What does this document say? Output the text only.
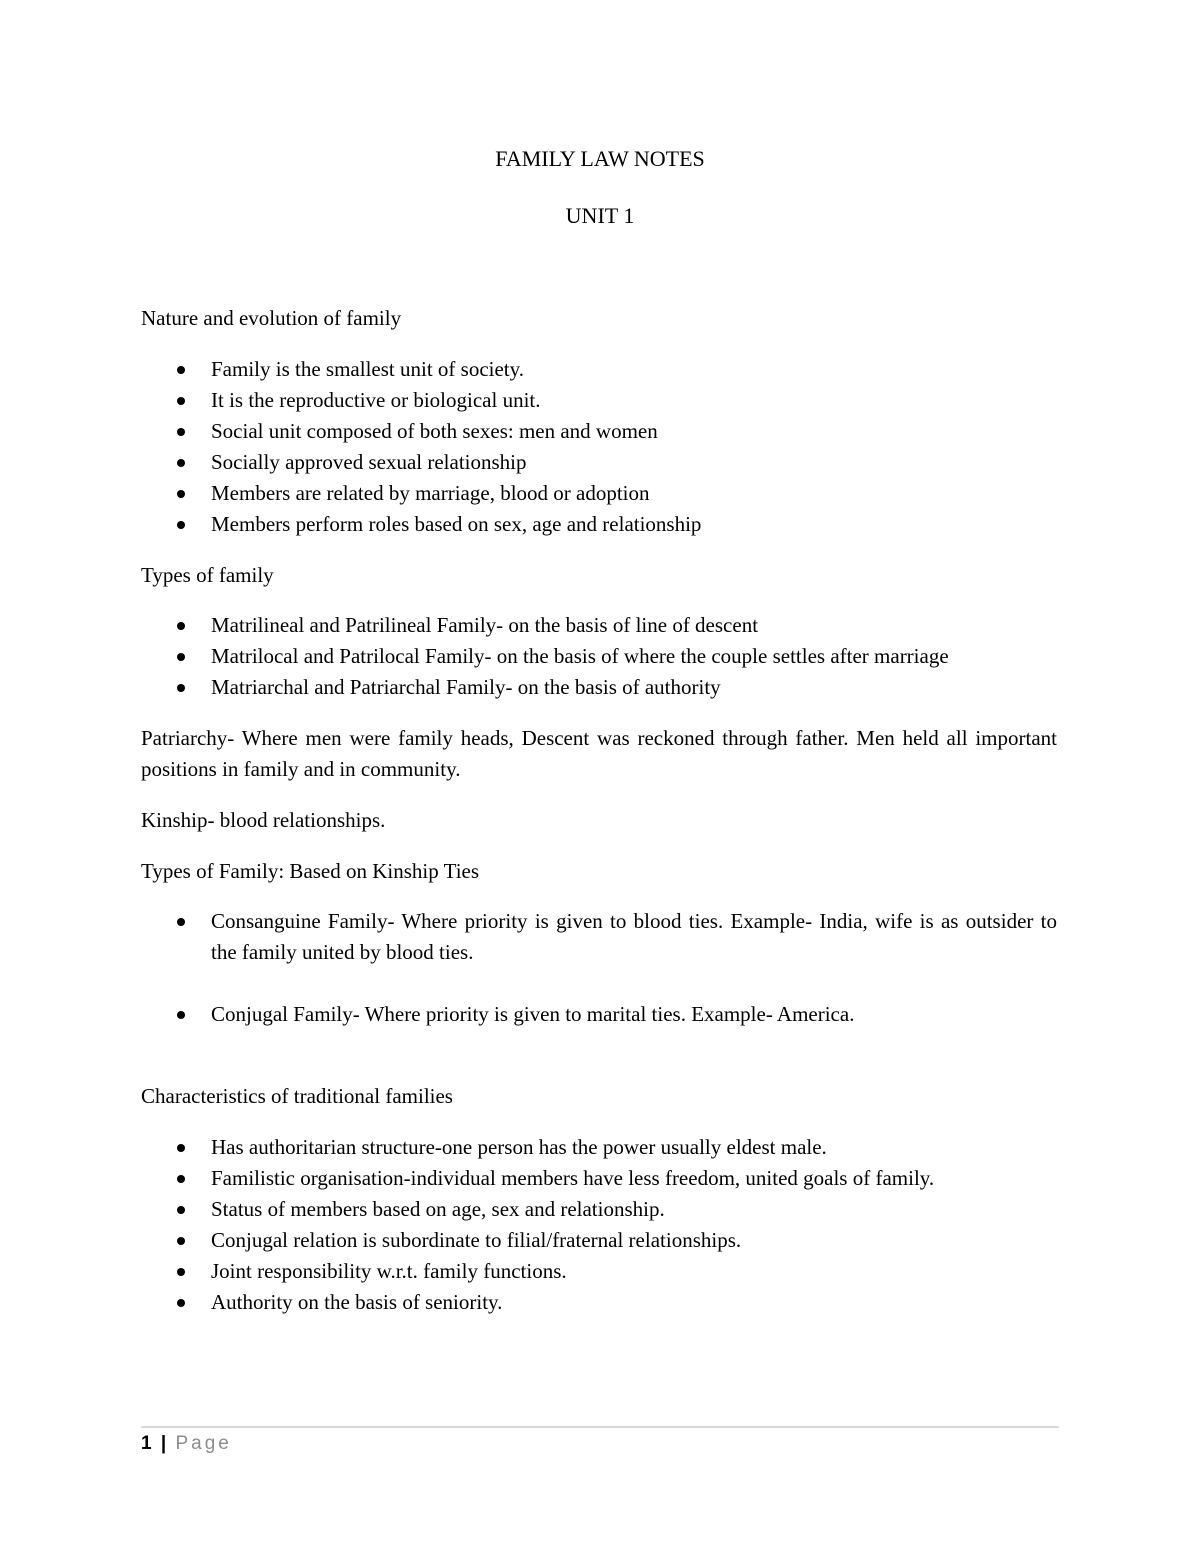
FAMILY LAW NOTES
UNIT 1
Nature and evolution of family
Family is the smallest unit of society.
It is the reproductive or biological unit.
Social unit composed of both sexes: men and women
Socially approved sexual relationship
Members are related by marriage, blood or adoption
Members perform roles based on sex, age and relationship
Types of family
Matrilineal and Patrilineal Family- on the basis of line of descent
Matrilocal and Patrilocal Family- on the basis of where the couple settles after marriage
Matriarchal and Patriarchal Family- on the basis of authority
Patriarchy- Where men were family heads, Descent was reckoned through father. Men held all important positions in family and in community.
Kinship- blood relationships.
Types of Family: Based on Kinship Ties
Consanguine Family- Where priority is given to blood ties. Example- India, wife is as outsider to the family united by blood ties.
Conjugal Family- Where priority is given to marital ties. Example- America.
Characteristics of traditional families
Has authoritarian structure-one person has the power usually eldest male.
Familistic organisation-individual members have less freedom, united goals of family.
Status of members based on age, sex and relationship.
Conjugal relation is subordinate to filial/fraternal relationships.
Joint responsibility w.r.t. family functions.
Authority on the basis of seniority.
1 | Page
